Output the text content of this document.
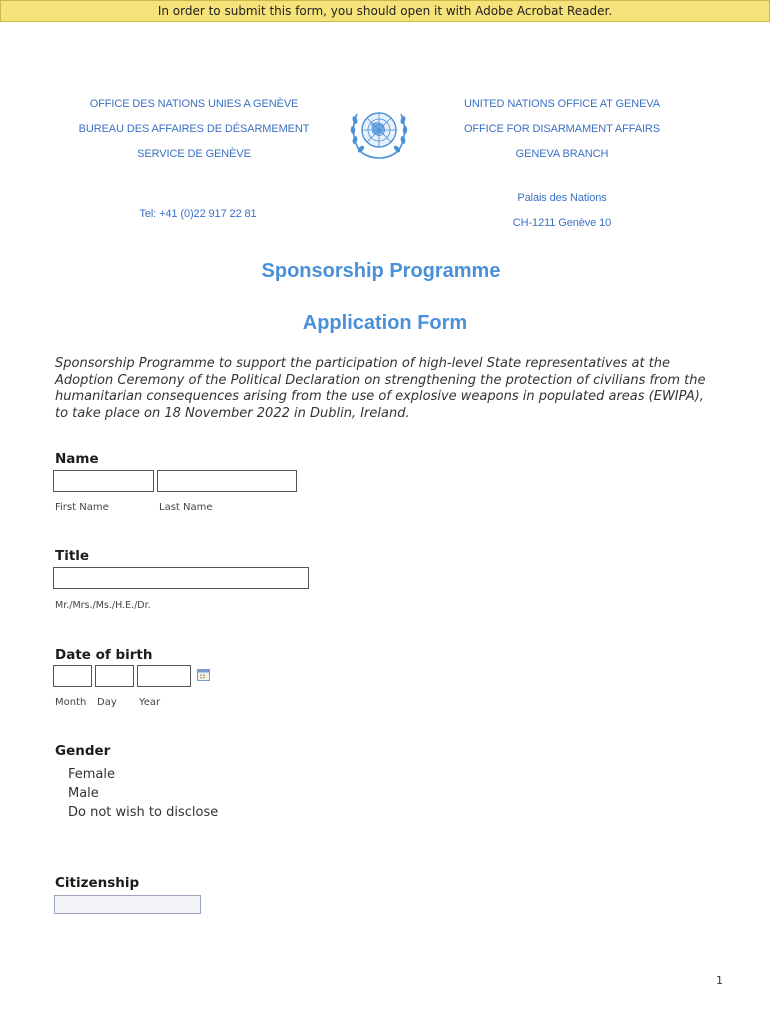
In order to submit this form, you should open it with Adobe Acrobat Reader.
OFFICE DES NATIONS UNIES A GENÈVE
BUREAU DES AFFAIRES DE DÉSARMEMENT
SERVICE DE GENÈVE
Tel: +41 (0)22 917 22 81
UNITED NATIONS OFFICE AT GENEVA
OFFICE FOR DISARMAMENT AFFAIRS
GENEVA BRANCH
Palais des Nations
CH-1211 Genève 10
Sponsorship Programme
Application Form
Sponsorship Programme to support the participation of high-level State representatives at the Adoption Ceremony of the Political Declaration on strengthening the protection of civilians from the humanitarian consequences arising from the use of explosive weapons in populated areas (EWIPA), to take place on 18 November 2022 in Dublin, Ireland.
Name
First Name	Last Name
Title
Mr./Mrs./Ms./H.E./Dr.
Date of birth
Month Day Year
Gender
Female
Male
Do not wish to disclose
Citizenship
1
